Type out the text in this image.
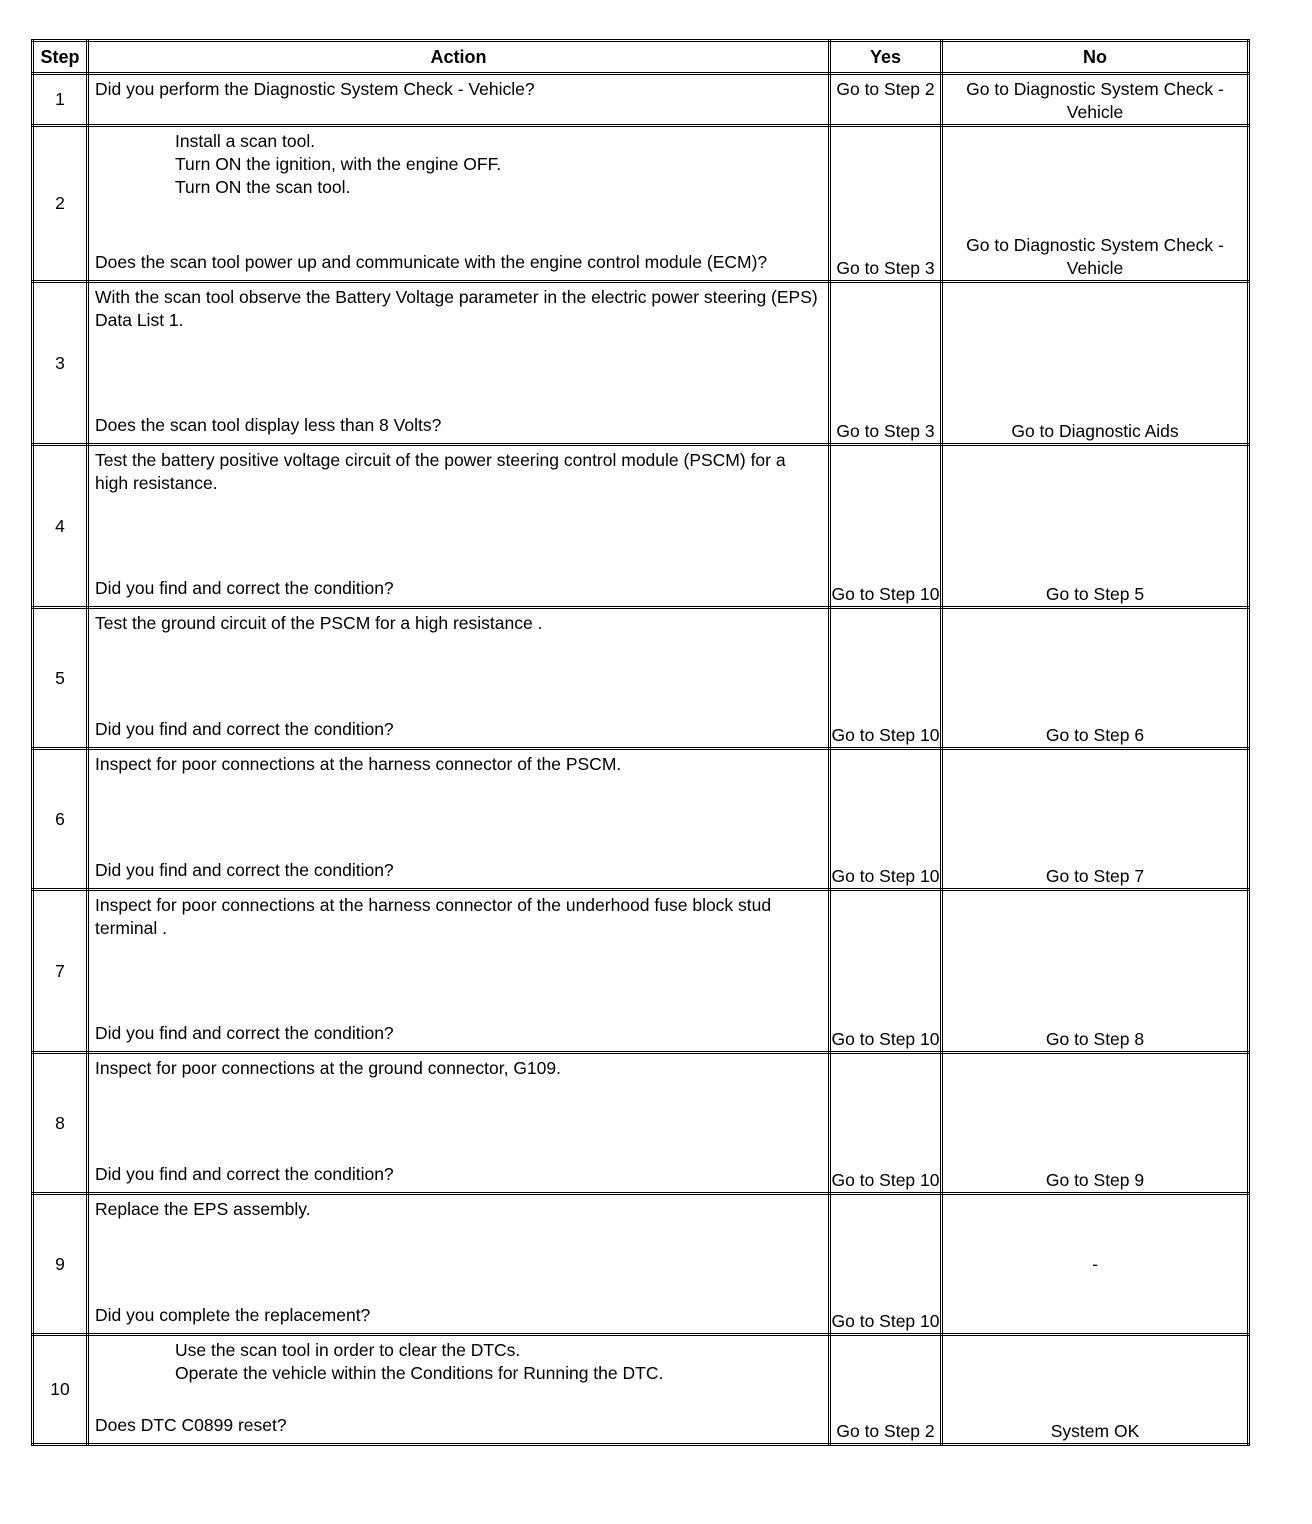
Step	Action	Yes	No
1	Did you perform the Diagnostic System Check - Vehicle?	Go to Step 2	Go to Diagnostic System Check - Vehicle
2	Install a scan tool.
Turn ON the ignition, with the engine OFF.
Turn ON the scan tool.
Does the scan tool power up and communicate with the engine control module (ECM)?	Go to Step 3	Go to Diagnostic System Check - Vehicle
3	With the scan tool observe the Battery Voltage parameter in the electric power steering (EPS) Data List 1.
Does the scan tool display less than 8 Volts?	Go to Step 3	Go to Diagnostic Aids
4	Test the battery positive voltage circuit of the power steering control module (PSCM) for a high resistance.
Did you find and correct the condition?	Go to Step 10	Go to Step 5
5	Test the ground circuit of the PSCM for a high resistance .
Did you find and correct the condition?	Go to Step 10	Go to Step 6
6	Inspect for poor connections at the harness connector of the PSCM.
Did you find and correct the condition?	Go to Step 10	Go to Step 7
7	Inspect for poor connections at the harness connector of the underhood fuse block stud terminal .
Did you find and correct the condition?	Go to Step 10	Go to Step 8
8	Inspect for poor connections at the ground connector, G109.
Did you find and correct the condition?	Go to Step 10	Go to Step 9
9	Replace the EPS assembly.
Did you complete the replacement?	Go to Step 10	-
10	Use the scan tool in order to clear the DTCs.
Operate the vehicle within the Conditions for Running the DTC.
Does DTC C0899 reset?	Go to Step 2	System OK
